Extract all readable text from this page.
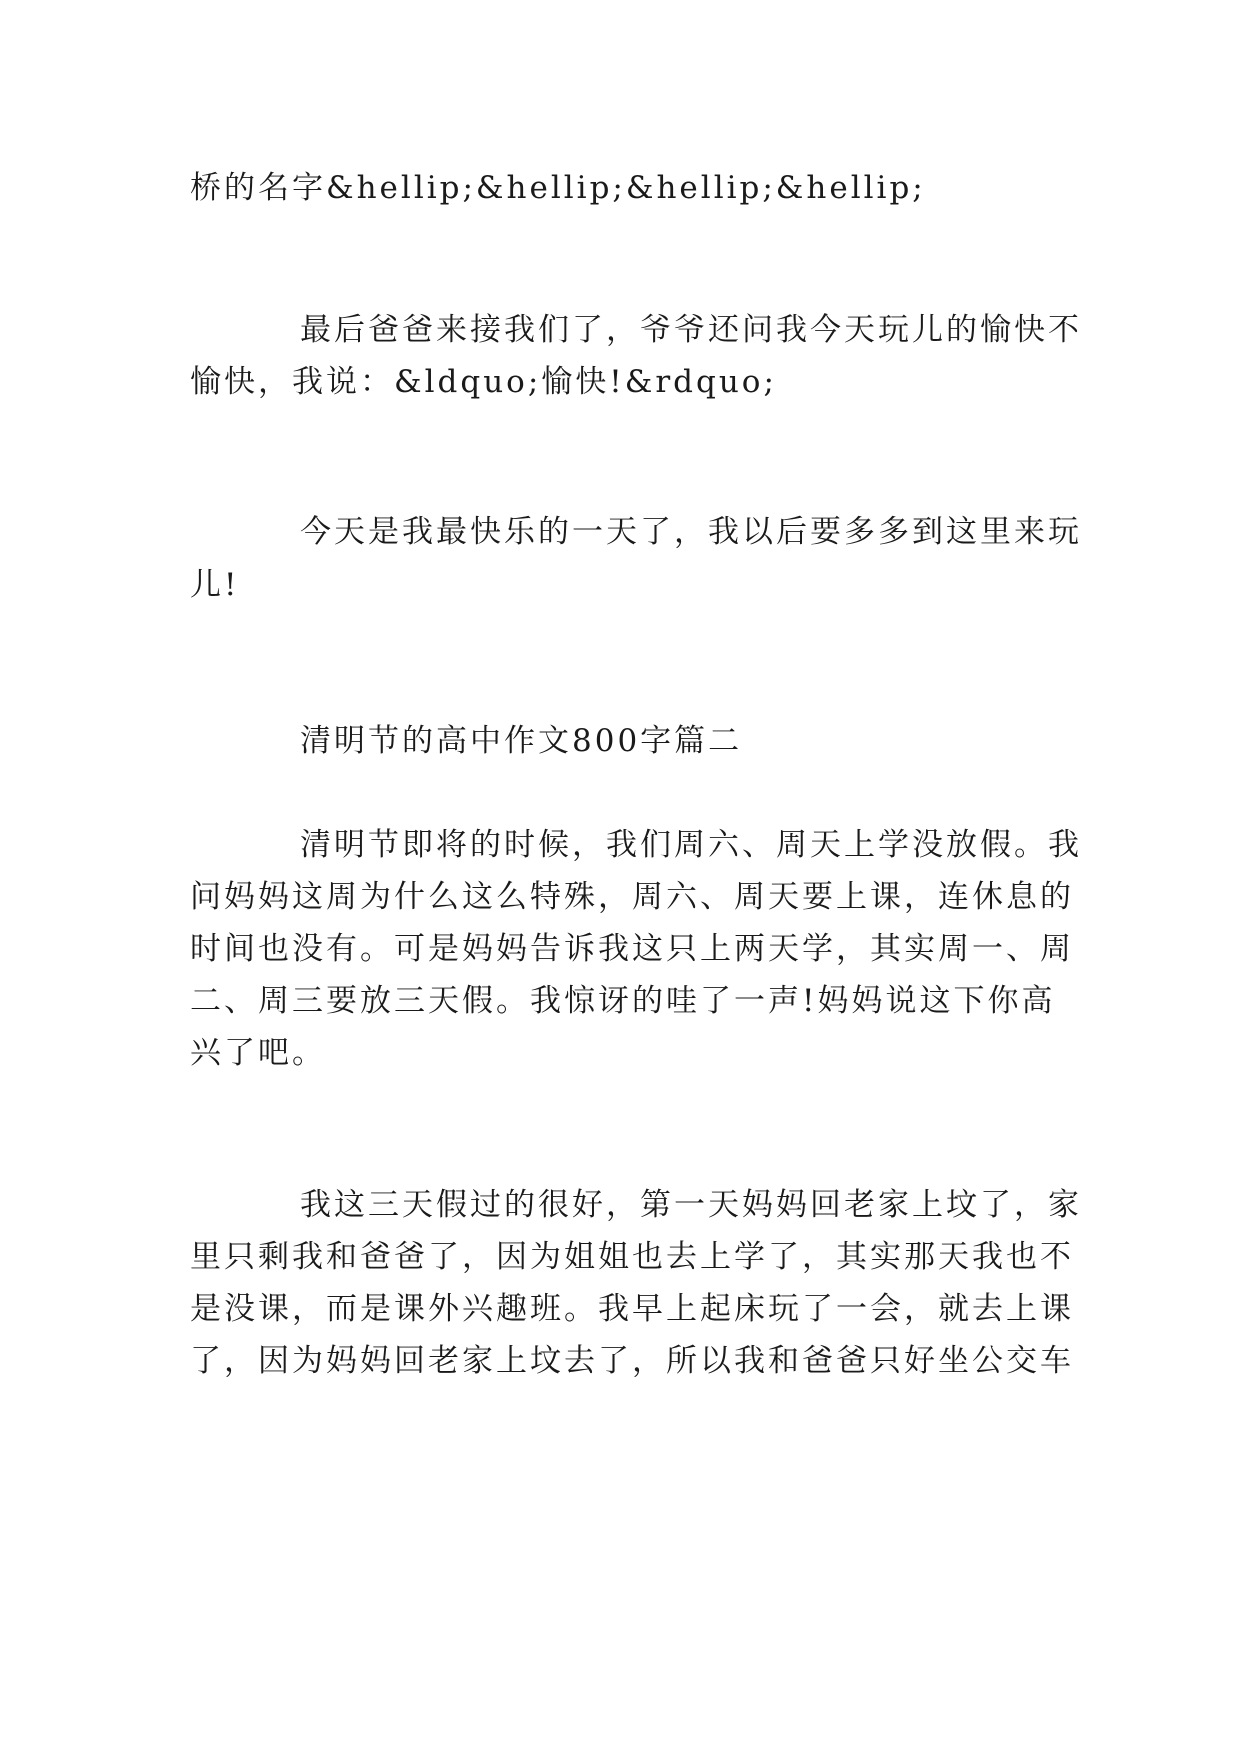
桥的名字&hellip;&hellip;&hellip;&hellip;
最后爸爸来接我们了，爷爷还问我今天玩儿的愉快不
愉快，我说：&ldquo;愉快!&rdquo;
今天是我最快乐的一天了，我以后要多多到这里来玩
儿!
清明节的高中作文800字篇二
清明节即将的时候，我们周六、周天上学没放假。我
问妈妈这周为什么这么特殊，周六、周天要上课，连休息的
时间也没有。可是妈妈告诉我这只上两天学，其实周一、周
二、周三要放三天假。我惊讶的哇了一声!妈妈说这下你高
兴了吧。
我这三天假过的很好，第一天妈妈回老家上坟了，家
里只剩我和爸爸了，因为姐姐也去上学了，其实那天我也不
是没课，而是课外兴趣班。我早上起床玩了一会，就去上课
了，因为妈妈回老家上坟去了，所以我和爸爸只好坐公交车
